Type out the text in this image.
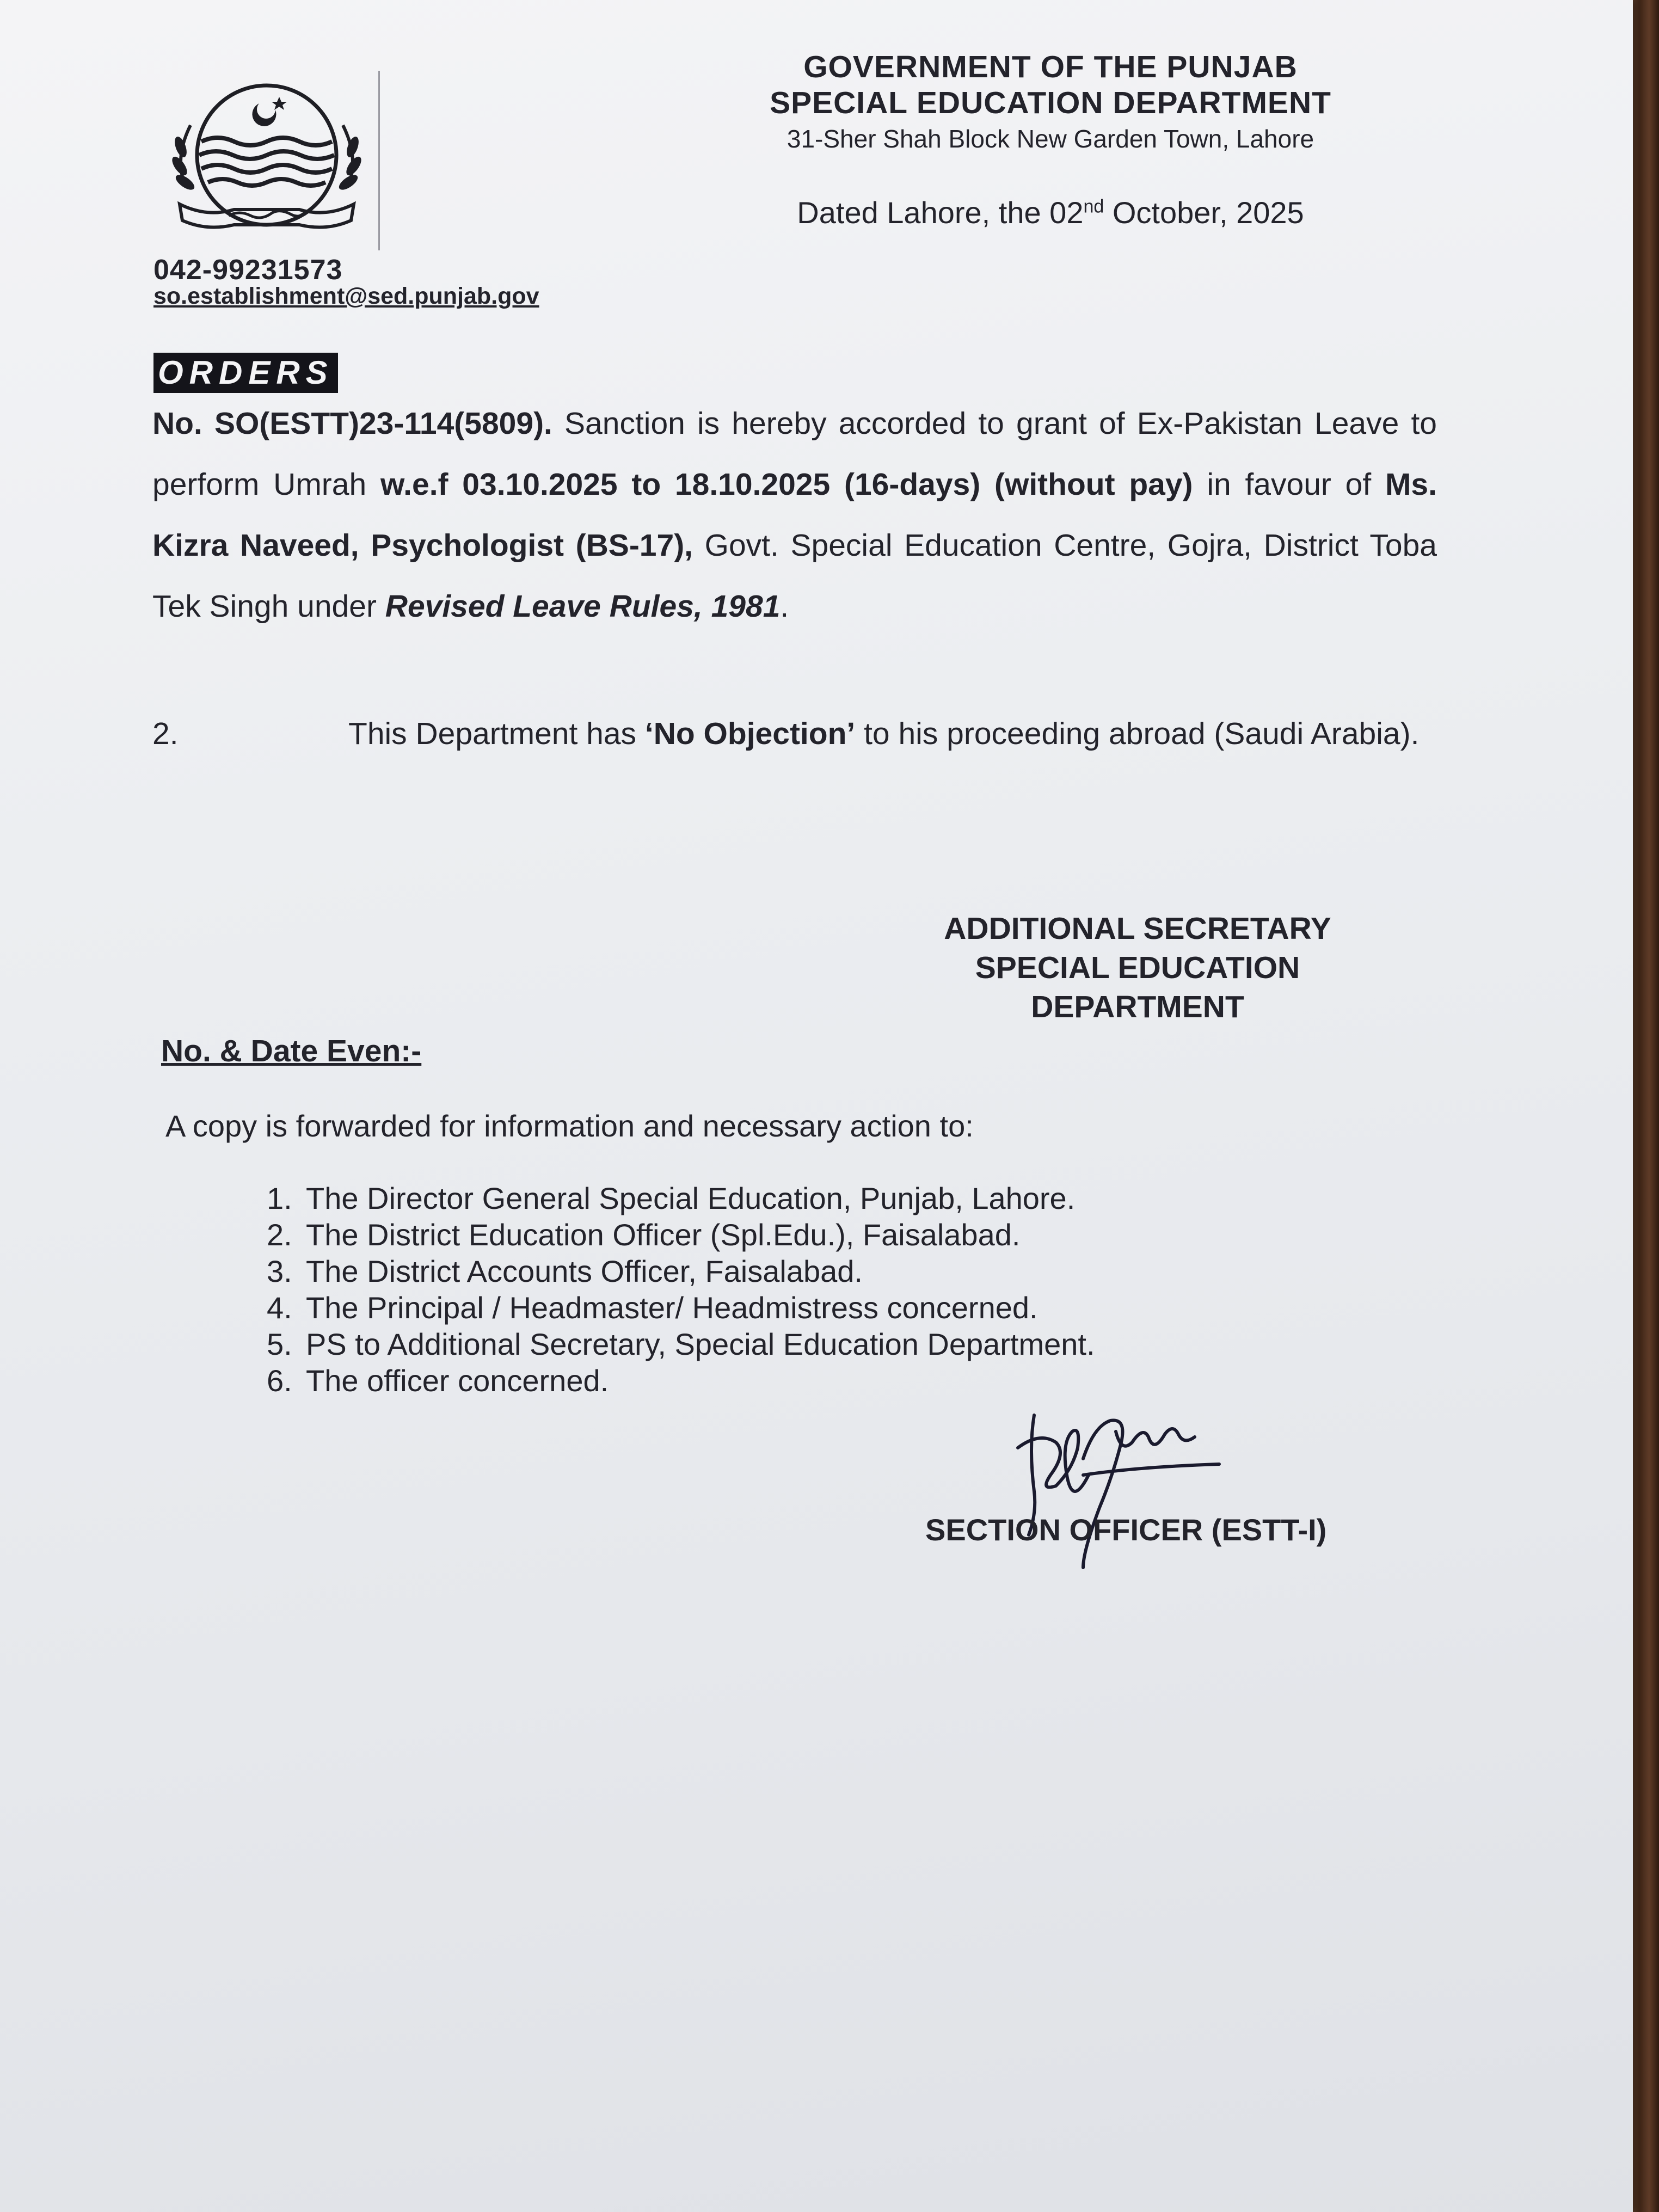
042-99231573
so.establishment@sed.punjab.gov
GOVERNMENT OF THE PUNJAB
SPECIAL EDUCATION DEPARTMENT
31-Sher Shah Block New Garden Town, Lahore
Dated Lahore, the 02nd October, 2025
ORDERS
No. SO(ESTT)23-114(5809). Sanction is hereby accorded to grant of Ex-Pakistan Leave to perform Umrah w.e.f 03.10.2025 to 18.10.2025 (16-days) (without pay) in favour of Ms. Kizra Naveed, Psychologist (BS-17), Govt. Special Education Centre, Gojra, District Toba Tek Singh under Revised Leave Rules, 1981.
2.	This Department has ‘No Objection’ to his proceeding abroad (Saudi Arabia).
ADDITIONAL SECRETARY
SPECIAL EDUCATION
DEPARTMENT
No. & Date Even:-
A copy is forwarded for information and necessary action to:
1. The Director General Special Education, Punjab, Lahore.
2. The District Education Officer (Spl.Edu.), Faisalabad.
3. The District Accounts Officer, Faisalabad.
4. The Principal / Headmaster/ Headmistress concerned.
5. PS to Additional Secretary, Special Education Department.
6. The officer concerned.
SECTION OFFICER (ESTT-I)
